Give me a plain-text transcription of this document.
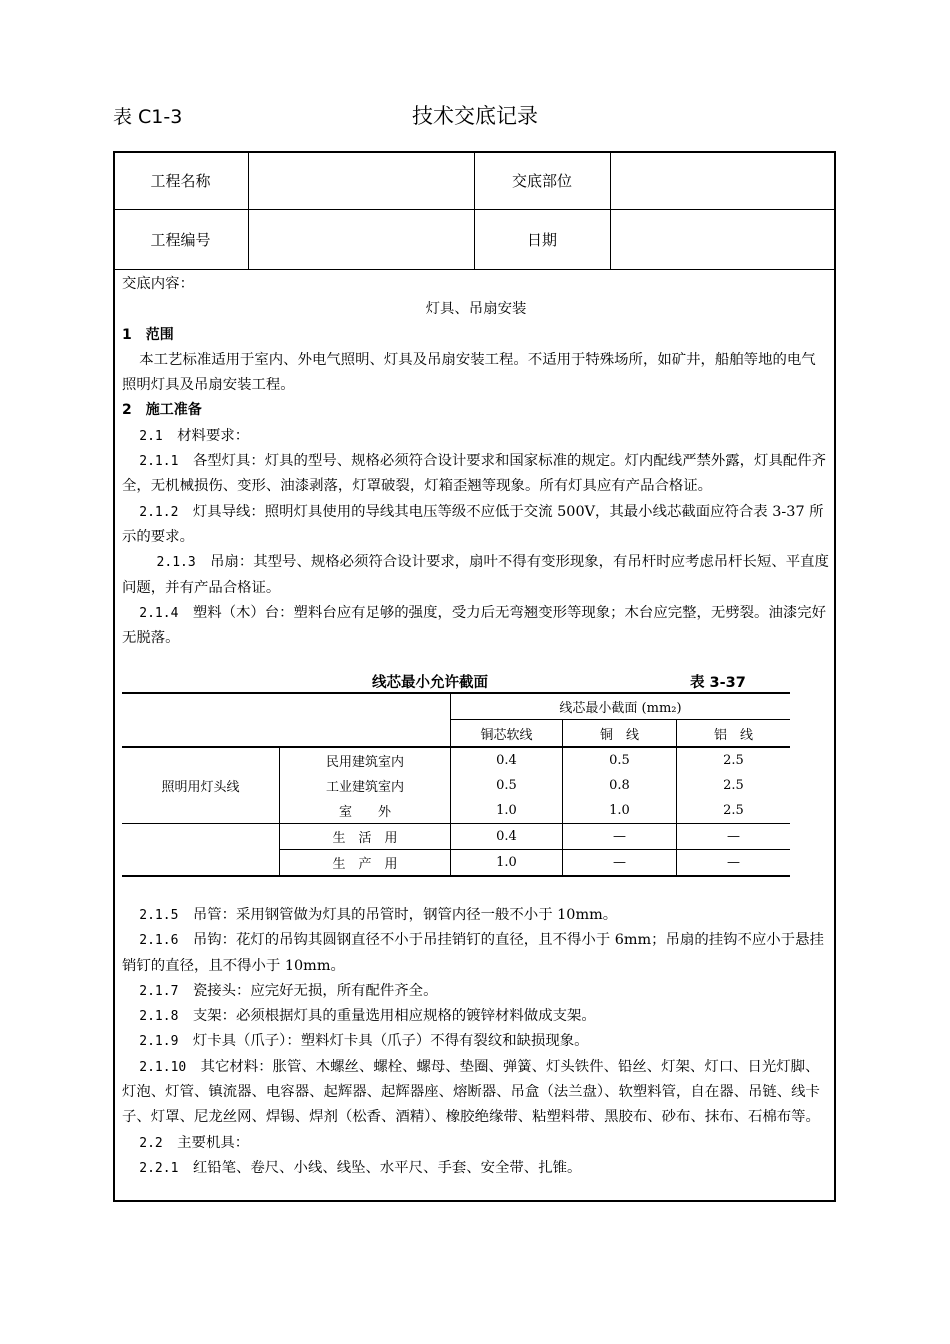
表 C1-3	技术交底记录
工程名称	交底部位
工程编号	日期

交底内容：

灯具、吊扇安装

1　范围

本工艺标准适用于室内、外电气照明、灯具及吊扇安装工程。不适用于特殊场所，如矿井，船舶等地的电气照明灯具及吊扇安装工程。

2　施工准备

2.1　 材料要求：

2.1.1　 各型灯具：灯具的型号、规格必须符合设计要求和国家标准的规定。灯内配线严禁外露，灯具配件齐全，无机械损伤、变形、油漆剥落，灯罩破裂，灯箱歪翘等现象。所有灯具应有产品合格证。

2.1.2　 灯具导线：照明灯具使用的导线其电压等级不应低于交流 500V，其最小线芯截面应符合表 3-37 所示的要求。

2.1.3　 吊扇：其型号、规格必须符合设计要求，扇叶不得有变形现象，有吊杆时应考虑吊杆长短、平直度问题，并有产品合格证。

2.1.4　 塑料（木）台：塑料台应有足够的强度，受力后无弯翘变形等现象；木台应完整，无劈裂。油漆完好无脱落。

线芯最小允许截面	表 3-37
线芯最小截面 (mm₂)
铜芯软线	铜　线	铝　线
照明用灯头线
民用建筑室内	0.4	0.5	2.5
工业建筑室内	0.5	0.8	2.5
室　　外	1.0	1.0	2.5
生　活　用	0.4	—	—
生　产　用	1.0	—	—

2.1.5　 吊管：采用钢管做为灯具的吊管时，钢管内径一般不小于 10mm。

2.1.6　 吊钩：花灯的吊钩其圆钢直径不小于吊挂销钉的直径，且不得小于 6mm；吊扇的挂钩不应小于悬挂销钉的直径，且不得小于 10mm。

2.1.7　 瓷接头：应完好无损，所有配件齐全。

2.1.8　 支架：必须根据灯具的重量选用相应规格的镀锌材料做成支架。

2.1.9　 灯卡具（爪子）：塑料灯卡具（爪子）不得有裂纹和缺损现象。

2.1.10　 其它材料：胀管、木螺丝、螺栓、螺母、垫圈、弹簧、灯头铁件、铅丝、灯架、灯口、日光灯脚、灯泡、灯管、镇流器、电容器、起辉器、起辉器座、熔断器、吊盒（法兰盘）、软塑料管，自在器、吊链、线卡子、灯罩、尼龙丝网、焊锡、焊剂（松香、酒精）、橡胶绝缘带、粘塑料带、黑胶布、砂布、抹布、石棉布等。

2.2　 主要机具：

2.2.1　 红铅笔、卷尺、小线、线坠、水平尺、手套、安全带、扎锥。
